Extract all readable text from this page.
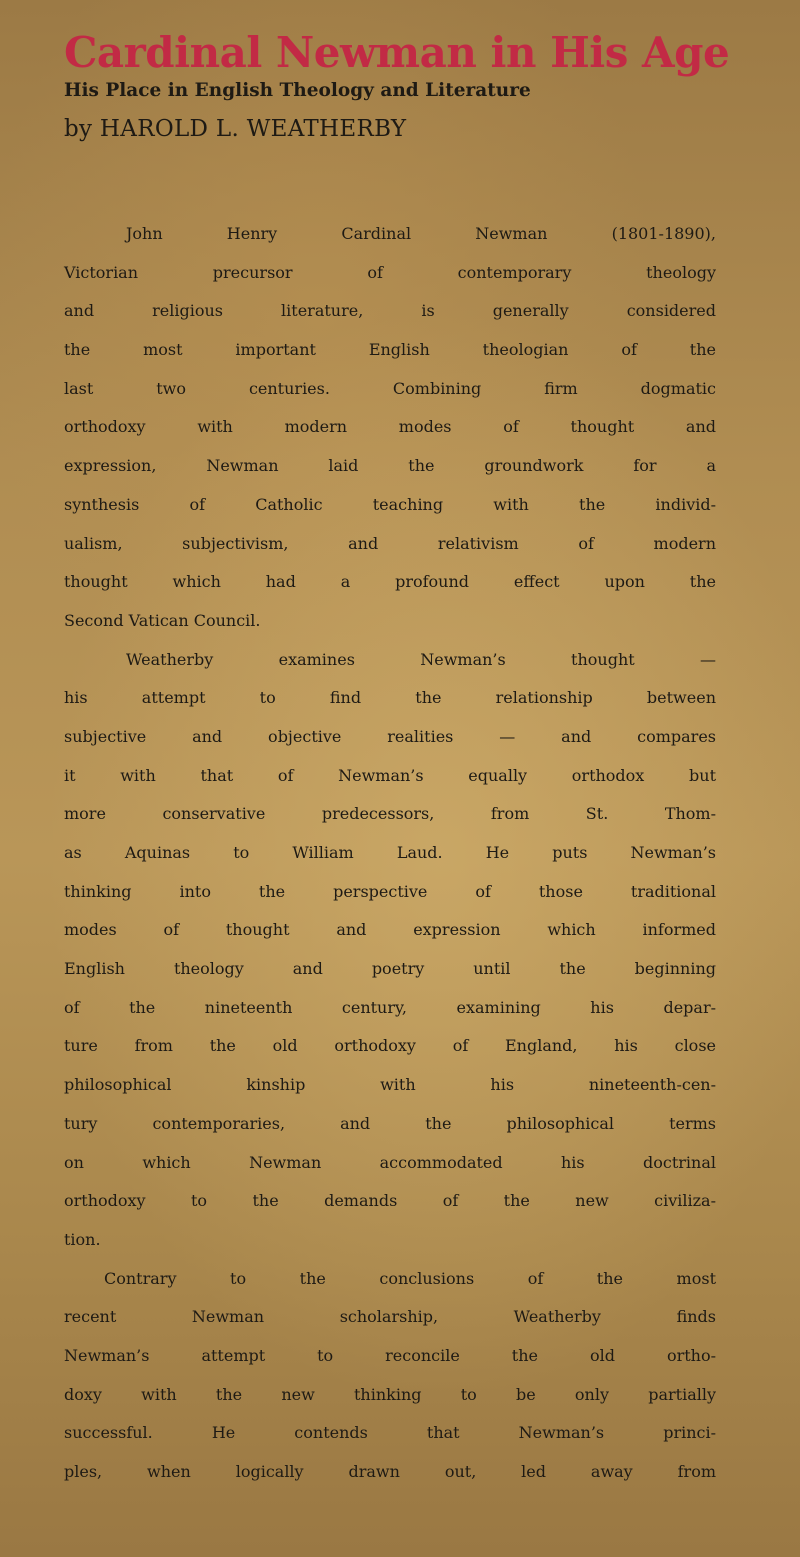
Cardinal Newman in His Age
His Place in English Theology and Literature
by HAROLD L. WEATHERBY
John Henry Cardinal Newman (1801-1890),
Victorian precursor of contemporary theology
and religious literature, is generally considered
the most important English theologian of the
last two centuries. Combining firm dogmatic
orthodoxy with modern modes of thought and
expression, Newman laid the groundwork for a
synthesis of Catholic teaching with the individ-
ualism, subjectivism, and relativism of modern
thought which had a profound effect upon the
Second Vatican Council.
Weatherby examines Newman’s thought —
his attempt to find the relationship between
subjective and objective realities — and compares
it with that of Newman’s equally orthodox but
more conservative predecessors, from St. Thom-
as Aquinas to William Laud. He puts Newman’s
thinking into the perspective of those traditional
modes of thought and expression which informed
English theology and poetry until the beginning
of the nineteenth century, examining his depar-
ture from the old orthodoxy of England, his close
philosophical kinship with his nineteenth-cen-
tury contemporaries, and the philosophical terms
on which Newman accommodated his doctrinal
orthodoxy to the demands of the new civiliza-
tion.
Contrary to the conclusions of the most
recent Newman scholarship, Weatherby finds
Newman’s attempt to reconcile the old ortho-
doxy with the new thinking to be only partially
successful. He contends that Newman’s princi-
ples, when logically drawn out, led away from
